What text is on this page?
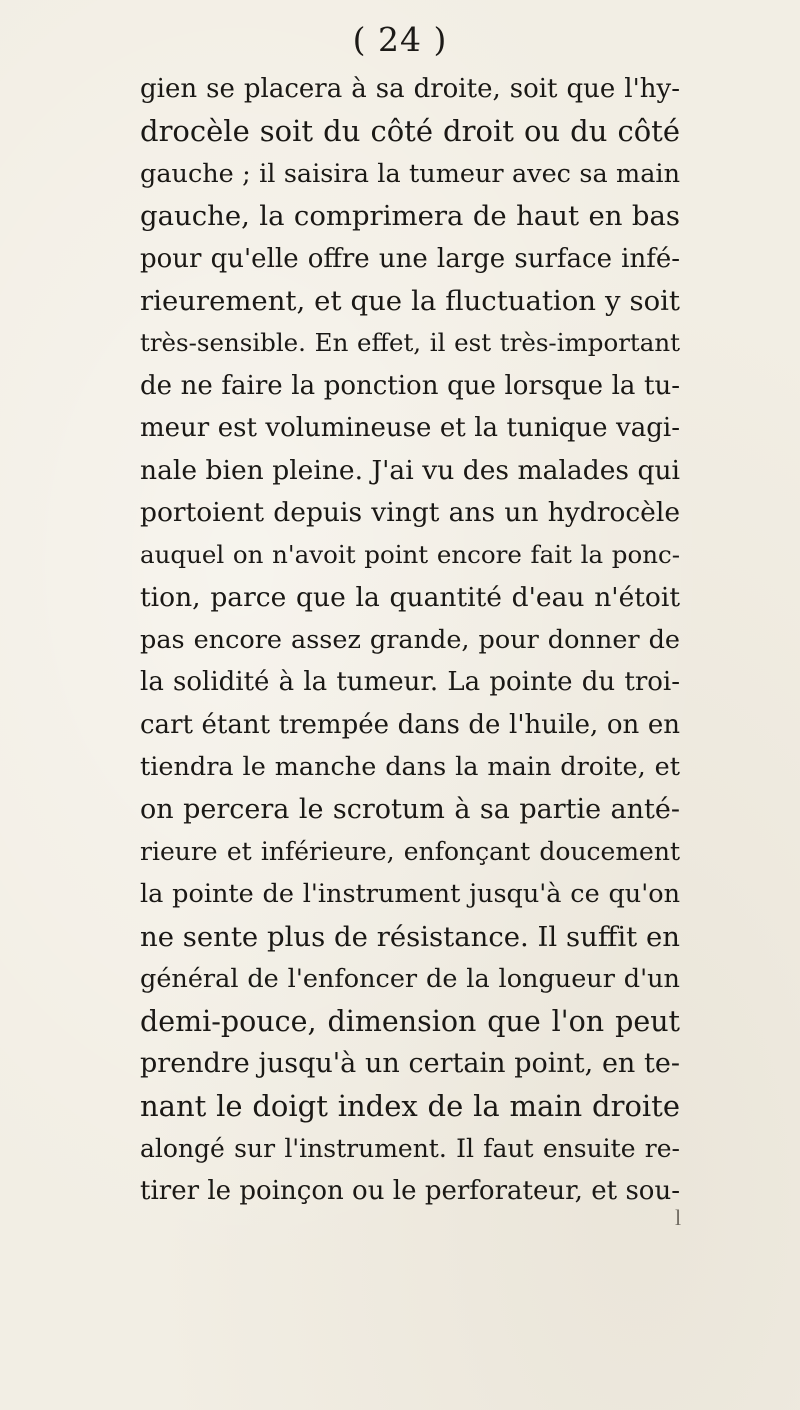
( 24 )
gien se placera à sa droite, soit que l'hy-
drocèle soit du côté droit ou du côté
gauche ; il saisira la tumeur avec sa main
gauche, la comprimera de haut en bas
pour qu'elle offre une large surface infé-
rieurement, et que la fluctuation y soit
très-sensible. En effet, il est très-important
de ne faire la ponction que lorsque la tu-
meur est volumineuse et la tunique vagi-
nale bien pleine. J'ai vu des malades qui
portoient depuis vingt ans un hydrocèle
auquel on n'avoit point encore fait la ponc-
tion, parce que la quantité d'eau n'étoit
pas encore assez grande, pour donner de
la solidité à la tumeur. La pointe du troi-
cart étant trempée dans de l'huile, on en
tiendra le manche dans la main droite, et
on percera le scrotum à sa partie anté-
rieure et inférieure, enfonçant doucement
la pointe de l'instrument jusqu'à ce qu'on
ne sente plus de résistance. Il suffit en
général de l'enfoncer de la longueur d'un
demi-pouce, dimension que l'on peut
prendre jusqu'à un certain point, en te-
nant le doigt index de la main droite
alongé sur l'instrument. Il faut ensuite re-
tirer le poinçon ou le perforateur, et sou-
l
